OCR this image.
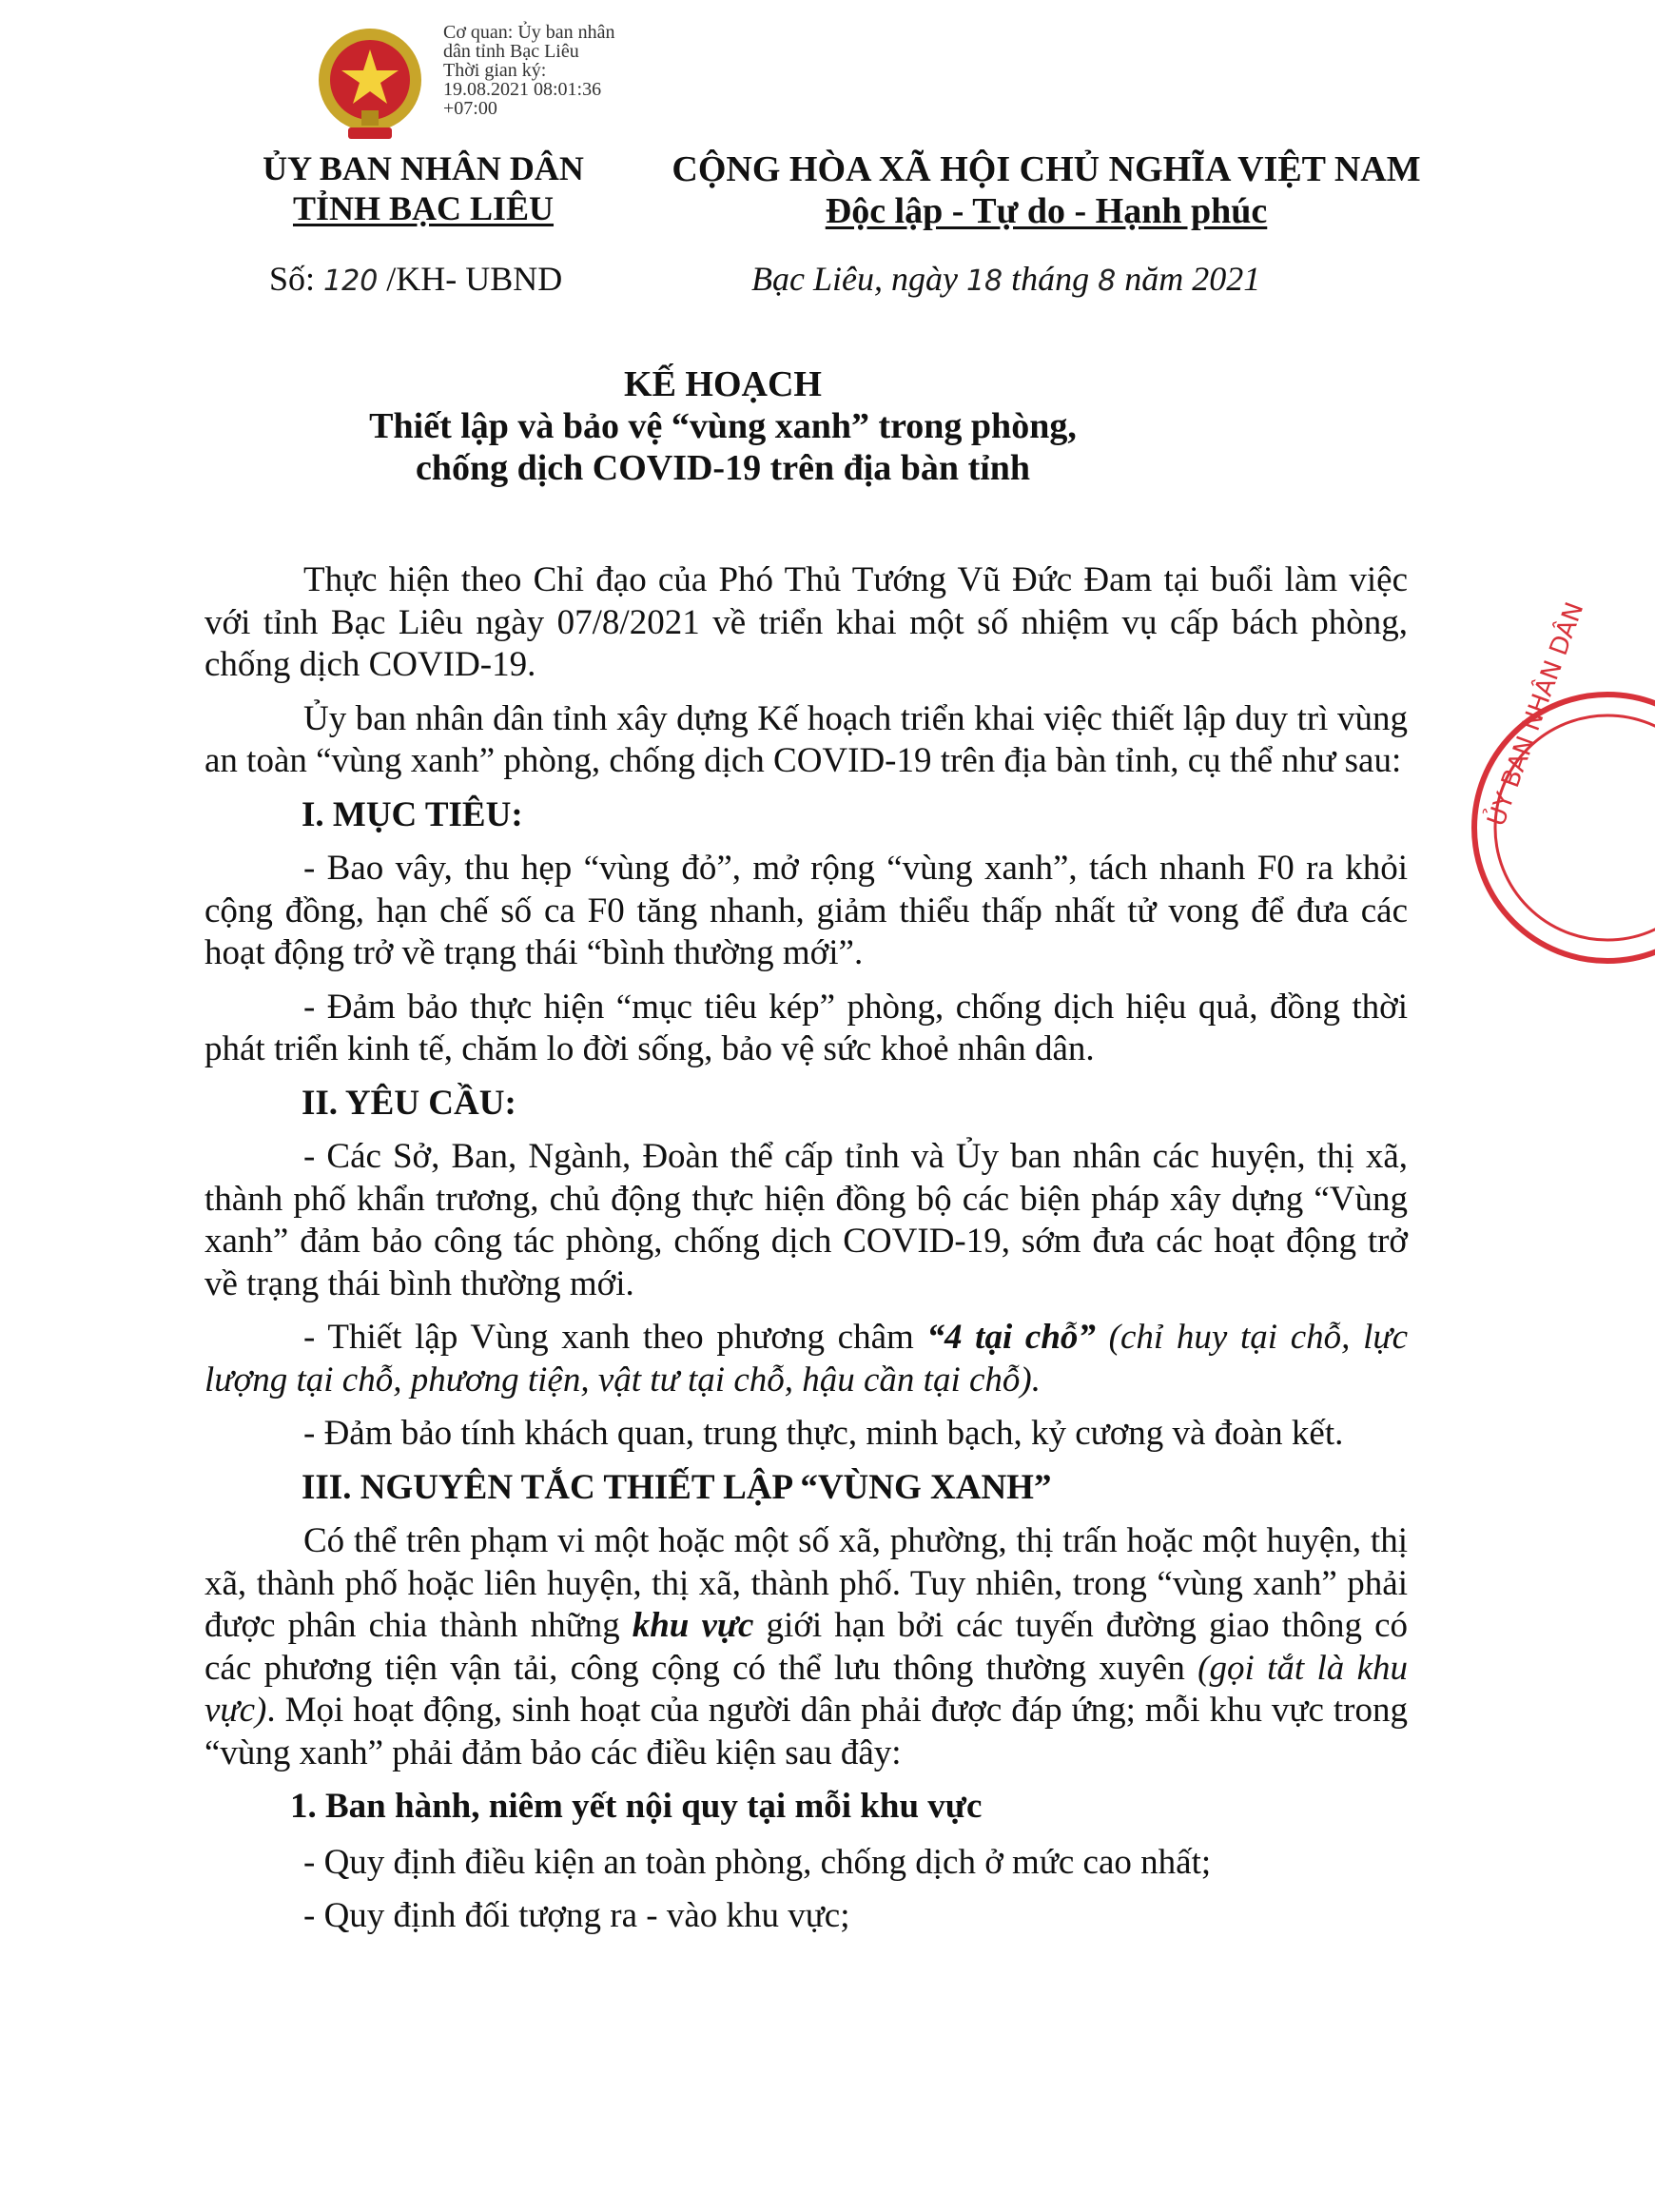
Cơ quan: Ủy ban nhân
dân tỉnh Bạc Liêu
Thời gian ký:
19.08.2021 08:01:36
+07:00
ỦY BAN NHÂN DÂN
TỈNH BẠC LIÊU
CỘNG HÒA XÃ HỘI CHỦ NGHĨA VIỆT NAM
Độc lập - Tự do - Hạnh phúc
Số: 120 /KH- UBND	Bạc Liêu, ngày 18 tháng 8 năm 2021
KẾ HOẠCH
Thiết lập và bảo vệ “vùng xanh” trong phòng,
chống dịch COVID-19 trên địa bàn tỉnh

Thực hiện theo Chỉ đạo của Phó Thủ Tướng Vũ Đức Đam tại buổi làm việc với tỉnh Bạc Liêu ngày 07/8/2021 về triển khai một số nhiệm vụ cấp bách phòng, chống dịch COVID-19.

Ủy ban nhân dân tỉnh xây dựng Kế hoạch triển khai việc thiết lập duy trì vùng an toàn “vùng xanh” phòng, chống dịch COVID-19 trên địa bàn tỉnh, cụ thể như sau:

I. MỤC TIÊU:

- Bao vây, thu hẹp “vùng đỏ”, mở rộng “vùng xanh”, tách nhanh F0 ra khỏi cộng đồng, hạn chế số ca F0 tăng nhanh, giảm thiểu thấp nhất tử vong để đưa các hoạt động trở về trạng thái “bình thường mới”.

- Đảm bảo thực hiện “mục tiêu kép” phòng, chống dịch hiệu quả, đồng thời phát triển kinh tế, chăm lo đời sống, bảo vệ sức khoẻ nhân dân.

II. YÊU CẦU:

- Các Sở, Ban, Ngành, Đoàn thể cấp tỉnh và Ủy ban nhân các huyện, thị xã, thành phố khẩn trương, chủ động thực hiện đồng bộ các biện pháp xây dựng “Vùng xanh” đảm bảo công tác phòng, chống dịch COVID-19, sớm đưa các hoạt động trở về trạng thái bình thường mới.

- Thiết lập Vùng xanh theo phương châm “4 tại chỗ” (chỉ huy tại chỗ, lực lượng tại chỗ, phương tiện, vật tư tại chỗ, hậu cần tại chỗ).

- Đảm bảo tính khách quan, trung thực, minh bạch, kỷ cương và đoàn kết.

III. NGUYÊN TẮC THIẾT LẬP “VÙNG XANH”

Có thể trên phạm vi một hoặc một số xã, phường, thị trấn hoặc một huyện, thị xã, thành phố hoặc liên huyện, thị xã, thành phố. Tuy nhiên, trong “vùng xanh” phải được phân chia thành những khu vực giới hạn bởi các tuyến đường giao thông có các phương tiện vận tải, công cộng có thể lưu thông thường xuyên (gọi tắt là khu vực). Mọi hoạt động, sinh hoạt của người dân phải được đáp ứng; mỗi khu vực trong “vùng xanh” phải đảm bảo các điều kiện sau đây:

1. Ban hành, niêm yết nội quy tại mỗi khu vực

- Quy định điều kiện an toàn phòng, chống dịch ở mức cao nhất;

- Quy định đối tượng ra - vào khu vực;

ỦY BAN NHÂN DÂN
